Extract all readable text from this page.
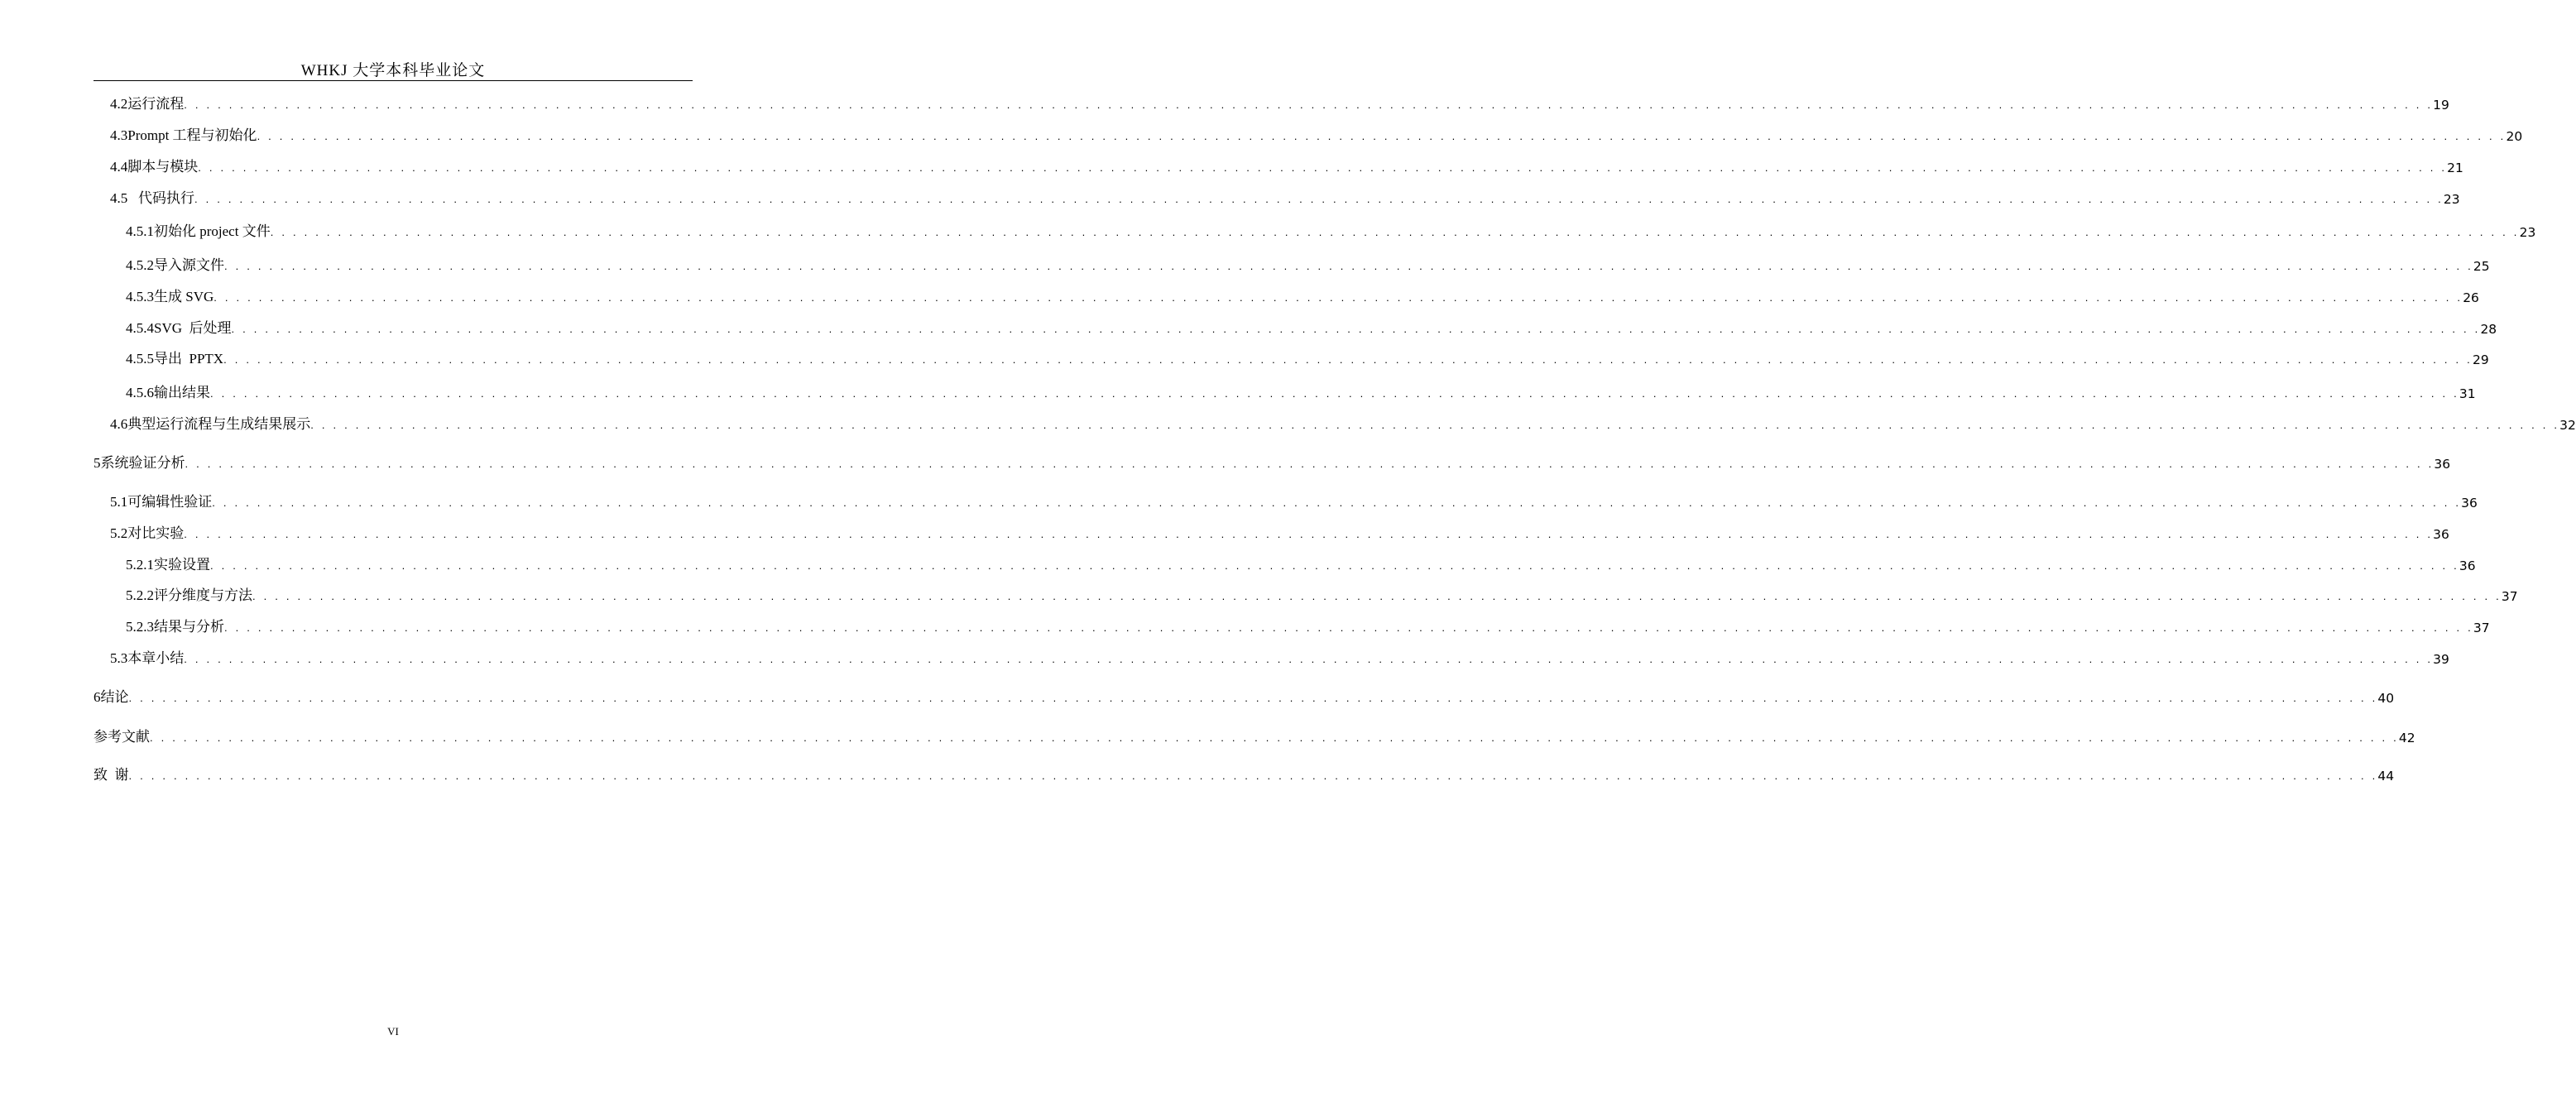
WHKJ 大学本科毕业论文
4.2 运行流程 . . . . . . . . . . . . . . . . . . . . . . . . . . . . . . . . . . . . . . . . . . . . . . . . . . . . . . . . . . . . . . . . . . . . . . . . . . . . . . . . . . . . . . . . . . . . . . . . . . . . . . . . . . . . . . . . . . . . . . . . . . . . . . . . . . . . . . . . . . . . . . . . . . . . . . . . . . . . . . . . . . . . . . . . . . . . . . . . . . . . . . . . . . . . . . . . . . . . . . . . 19
4.3 Prompt 工程与初始化 . . . . . . . . . . . . . . . . . . . . . . . . . . . . . . . . . . . . . . . . . . . . . . . . . . . . . . . . . . . . . . . . . . . . . . . . . . . . . . . . . . . . . . . . . . . . . . . . . . . . . . . . . . . . . . . . . . . . . . . . . . . . . . . . . . . . . . . . . . . . . . . . . . . . . . . . . . . . . . . . . . . . . . . . . . . . . . . . . . . . . . . . . . . . . . . . . . . . . . . . 20
4.4 脚本与模块 . . . . . . . . . . . . . . . . . . . . . . . . . . . . . . . . . . . . . . . . . . . . . . . . . . . . . . . . . . . . . . . . . . . . . . . . . . . . . . . . . . . . . . . . . . . . . . . . . . . . . . . . . . . . . . . . . . . . . . . . . . . . . . . . . . . . . . . . . . . . . . . . . . . . . . . . . . . . . . . . . . . . . . . . . . . . . . . . . . . . . . . . . . . . . . . . . . . . . . . . 21
4.5 代码执行 . . . . . . . . . . . . . . . . . . . . . . . . . . . . . . . . . . . . . . . . . . . . . . . . . . . . . . . . . . . . . . . . . . . . . . . . . . . . . . . . . . . . . . . . . . . . . . . . . . . . . . . . . . . . . . . . . . . . . . . . . . . . . . . . . . . . . . . . . . . . . . . . . . . . . . . . . . . . . . . . . . . . . . . . . . . . . . . . . . . . . . . . . . . . . . . . . . . . . . . . 23
4.5.1 初始化 project 文件 . . . . . . . . . . . . . . . . . . . . . . . . . . . . . . . . . . . . . . . . . . . . . . . . . . . . . . . . . . . . . . . . . . . . . . . . . . . . . . . . . . . . . . . . . . . . . . . . . . . . . . . . . . . . . . . . . . . . . . . . . . . . . . . . . . . . . . . . . . . . . . . . . . . . . . . . . . . . . . . . . . . . . . . . . . . . . . . . . . . . . . . . . . . . . . . . . . . . . . . . 23
4.5.2 导入源文件 . . . . . . . . . . . . . . . . . . . . . . . . . . . . . . . . . . . . . . . . . . . . . . . . . . . . . . . . . . . . . . . . . . . . . . . . . . . . . . . . . . . . . . . . . . . . . . . . . . . . . . . . . . . . . . . . . . . . . . . . . . . . . . . . . . . . . . . . . . . . . . . . . . . . . . . . . . . . . . . . . . . . . . . . . . . . . . . . . . . . . . . . . . . . . . . . . . . . . . . . 25
4.5.3 生成 SVG . . . . . . . . . . . . . . . . . . . . . . . . . . . . . . . . . . . . . . . . . . . . . . . . . . . . . . . . . . . . . . . . . . . . . . . . . . . . . . . . . . . . . . . . . . . . . . . . . . . . . . . . . . . . . . . . . . . . . . . . . . . . . . . . . . . . . . . . . . . . . . . . . . . . . . . . . . . . . . . . . . . . . . . . . . . . . . . . . . . . . . . . . . . . . . . . . . . . . . . . 26
4.5.4 SVG  后处理 . . . . . . . . . . . . . . . . . . . . . . . . . . . . . . . . . . . . . . . . . . . . . . . . . . . . . . . . . . . . . . . . . . . . . . . . . . . . . . . . . . . . . . . . . . . . . . . . . . . . . . . . . . . . . . . . . . . . . . . . . . . . . . . . . . . . . . . . . . . . . . . . . . . . . . . . . . . . . . . . . . . . . . . . . . . . . . . . . . . . . . . . . . . . . . . . . . . . . . . . 28
4.5.5 导出  PPTX . . . . . . . . . . . . . . . . . . . . . . . . . . . . . . . . . . . . . . . . . . . . . . . . . . . . . . . . . . . . . . . . . . . . . . . . . . . . . . . . . . . . . . . . . . . . . . . . . . . . . . . . . . . . . . . . . . . . . . . . . . . . . . . . . . . . . . . . . . . . . . . . . . . . . . . . . . . . . . . . . . . . . . . . . . . . . . . . . . . . . . . . . . . . . . . . . . . . . . . . 29
4.5.6 输出结果 . . . . . . . . . . . . . . . . . . . . . . . . . . . . . . . . . . . . . . . . . . . . . . . . . . . . . . . . . . . . . . . . . . . . . . . . . . . . . . . . . . . . . . . . . . . . . . . . . . . . . . . . . . . . . . . . . . . . . . . . . . . . . . . . . . . . . . . . . . . . . . . . . . . . . . . . . . . . . . . . . . . . . . . . . . . . . . . . . . . . . . . . . . . . . . . . . . . . . . . . 31
4.6 典型运行流程与生成结果展示 . . . . . . . . . . . . . . . . . . . . . . . . . . . . . . . . . . . . . . . . . . . . . . . . . . . . . . . . . . . . . . . . . . . . . . . . . . . . . . . . . . . . . . . . . . . . . . . . . . . . . . . . . . . . . . . . . . . . . . . . . . . . . . . . . . . . . . . . . . . . . . . . . . . . . . . . . . . . . . . . . . . . . . . . . . . . . . . . . . . . . . . . . . . . . . . . . . . . . . . . 32
5 系统验证分析 . . . . . . . . . . . . . . . . . . . . . . . . . . . . . . . . . . . . . . . . . . . . . . . . . . . . . . . . . . . . . . . . . . . . . . . . . . . . . . . . . . . . . . . . . . . . . . . . . . . . . . . . . . . . . . . . . . . . . . . . . . . . . . . . . . . . . . . . . . . . . . . . . . . . . . . . . . . . . . . . . . . . . . . . . . . . . . . . . . . . . . . . . . . . . . . . . . . . . . . . 36
5.1 可编辑性验证 . . . . . . . . . . . . . . . . . . . . . . . . . . . . . . . . . . . . . . . . . . . . . . . . . . . . . . . . . . . . . . . . . . . . . . . . . . . . . . . . . . . . . . . . . . . . . . . . . . . . . . . . . . . . . . . . . . . . . . . . . . . . . . . . . . . . . . . . . . . . . . . . . . . . . . . . . . . . . . . . . . . . . . . . . . . . . . . . . . . . . . . . . . . . . . . . . . . . . . . . 36
5.2 对比实验 . . . . . . . . . . . . . . . . . . . . . . . . . . . . . . . . . . . . . . . . . . . . . . . . . . . . . . . . . . . . . . . . . . . . . . . . . . . . . . . . . . . . . . . . . . . . . . . . . . . . . . . . . . . . . . . . . . . . . . . . . . . . . . . . . . . . . . . . . . . . . . . . . . . . . . . . . . . . . . . . . . . . . . . . . . . . . . . . . . . . . . . . . . . . . . . . . . . . . . . . 36
5.2.1 实验设置 . . . . . . . . . . . . . . . . . . . . . . . . . . . . . . . . . . . . . . . . . . . . . . . . . . . . . . . . . . . . . . . . . . . . . . . . . . . . . . . . . . . . . . . . . . . . . . . . . . . . . . . . . . . . . . . . . . . . . . . . . . . . . . . . . . . . . . . . . . . . . . . . . . . . . . . . . . . . . . . . . . . . . . . . . . . . . . . . . . . . . . . . . . . . . . . . . . . . . . . . 36
5.2.2 评分维度与方法 . . . . . . . . . . . . . . . . . . . . . . . . . . . . . . . . . . . . . . . . . . . . . . . . . . . . . . . . . . . . . . . . . . . . . . . . . . . . . . . . . . . . . . . . . . . . . . . . . . . . . . . . . . . . . . . . . . . . . . . . . . . . . . . . . . . . . . . . . . . . . . . . . . . . . . . . . . . . . . . . . . . . . . . . . . . . . . . . . . . . . . . . . . . . . . . . . . . . . . . . 37
5.2.3 结果与分析 . . . . . . . . . . . . . . . . . . . . . . . . . . . . . . . . . . . . . . . . . . . . . . . . . . . . . . . . . . . . . . . . . . . . . . . . . . . . . . . . . . . . . . . . . . . . . . . . . . . . . . . . . . . . . . . . . . . . . . . . . . . . . . . . . . . . . . . . . . . . . . . . . . . . . . . . . . . . . . . . . . . . . . . . . . . . . . . . . . . . . . . . . . . . . . . . . . . . . . . . 37
5.3 本章小结 . . . . . . . . . . . . . . . . . . . . . . . . . . . . . . . . . . . . . . . . . . . . . . . . . . . . . . . . . . . . . . . . . . . . . . . . . . . . . . . . . . . . . . . . . . . . . . . . . . . . . . . . . . . . . . . . . . . . . . . . . . . . . . . . . . . . . . . . . . . . . . . . . . . . . . . . . . . . . . . . . . . . . . . . . . . . . . . . . . . . . . . . . . . . . . . . . . . . . . . . 39
6 结论 . . . . . . . . . . . . . . . . . . . . . . . . . . . . . . . . . . . . . . . . . . . . . . . . . . . . . . . . . . . . . . . . . . . . . . . . . . . . . . . . . . . . . . . . . . . . . . . . . . . . . . . . . . . . . . . . . . . . . . . . . . . . . . . . . . . . . . . . . . . . . . . . . . . . . . . . . . . . . . . . . . . . . . . . . . . . . . . . . . . . . . . . . . . . . . . . . . . . . . . . 40
参考文献 . . . . . . . . . . . . . . . . . . . . . . . . . . . . . . . . . . . . . . . . . . . . . . . . . . . . . . . . . . . . . . . . . . . . . . . . . . . . . . . . . . . . . . . . . . . . . . . . . . . . . . . . . . . . . . . . . . . . . . . . . . . . . . . . . . . . . . . . . . . . . . . . . . . . . . . . . . . . . . . . . . . . . . . . . . . . . . . . . . . . . . . . . . . . . . . . . . . . . . . . 42
致  谢 . . . . . . . . . . . . . . . . . . . . . . . . . . . . . . . . . . . . . . . . . . . . . . . . . . . . . . . . . . . . . . . . . . . . . . . . . . . . . . . . . . . . . . . . . . . . . . . . . . . . . . . . . . . . . . . . . . . . . . . . . . . . . . . . . . . . . . . . . . . . . . . . . . . . . . . . . . . . . . . . . . . . . . . . . . . . . . . . . . . . . . . . . . . . . . . . . . . . . . . . 44
VI
